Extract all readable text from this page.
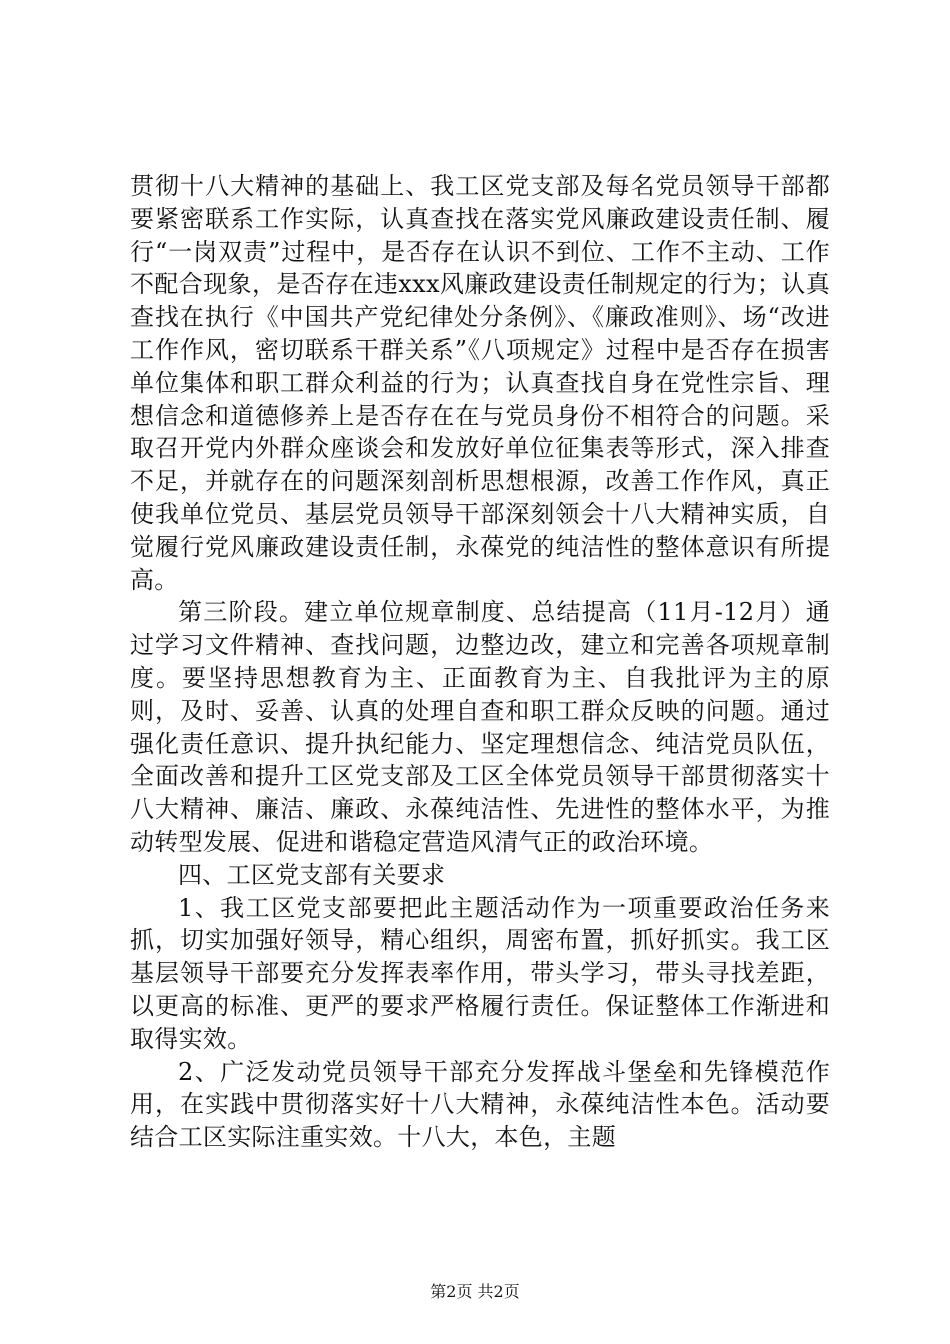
贯彻十八大精神的基础上、我工区党支部及每名党员领导干部都要紧密联系工作实际，认真查找在落实党风廉政建设责任制、履行“一岗双责”过程中，是否存在认识不到位、工作不主动、工作不配合现象，是否存在违xxx风廉政建设责任制规定的行为；认真查找在执行《中国共产党纪律处分条例》、《廉政准则》、场“改进工作作风，密切联系干群关系”《八项规定》过程中是否存在损害单位集体和职工群众利益的行为；认真查找自身在党性宗旨、理想信念和道德修养上是否存在在与党员身份不相符合的问题。采取召开党内外群众座谈会和发放好单位征集表等形式，深入排查不足，并就存在的问题深刻剖析思想根源，改善工作作风，真正使我单位党员、基层党员领导干部深刻领会十八大精神实质，自觉履行党风廉政建设责任制，永葆党的纯洁性的整体意识有所提高。

第三阶段。建立单位规章制度、总结提高（11月-12月）通过学习文件精神、查找问题，边整边改，建立和完善各项规章制度。要坚持思想教育为主、正面教育为主、自我批评为主的原则，及时、妥善、认真的处理自查和职工群众反映的问题。通过强化责任意识、提升执纪能力、坚定理想信念、纯洁党员队伍，全面改善和提升工区党支部及工区全体党员领导干部贯彻落实十八大精神、廉洁、廉政、永葆纯洁性、先进性的整体水平，为推动转型发展、促进和谐稳定营造风清气正的政治环境。

四、工区党支部有关要求

1、我工区党支部要把此主题活动作为一项重要政治任务来抓，切实加强好领导，精心组织，周密布置，抓好抓实。我工区基层领导干部要充分发挥表率作用，带头学习，带头寻找差距，以更高的标准、更严的要求严格履行责任。保证整体工作渐进和取得实效。

2、广泛发动党员领导干部充分发挥战斗堡垒和先锋模范作用，在实践中贯彻落实好十八大精神，永葆纯洁性本色。活动要结合工区实际注重实效。十八大，本色，主题

第2页 共2页
